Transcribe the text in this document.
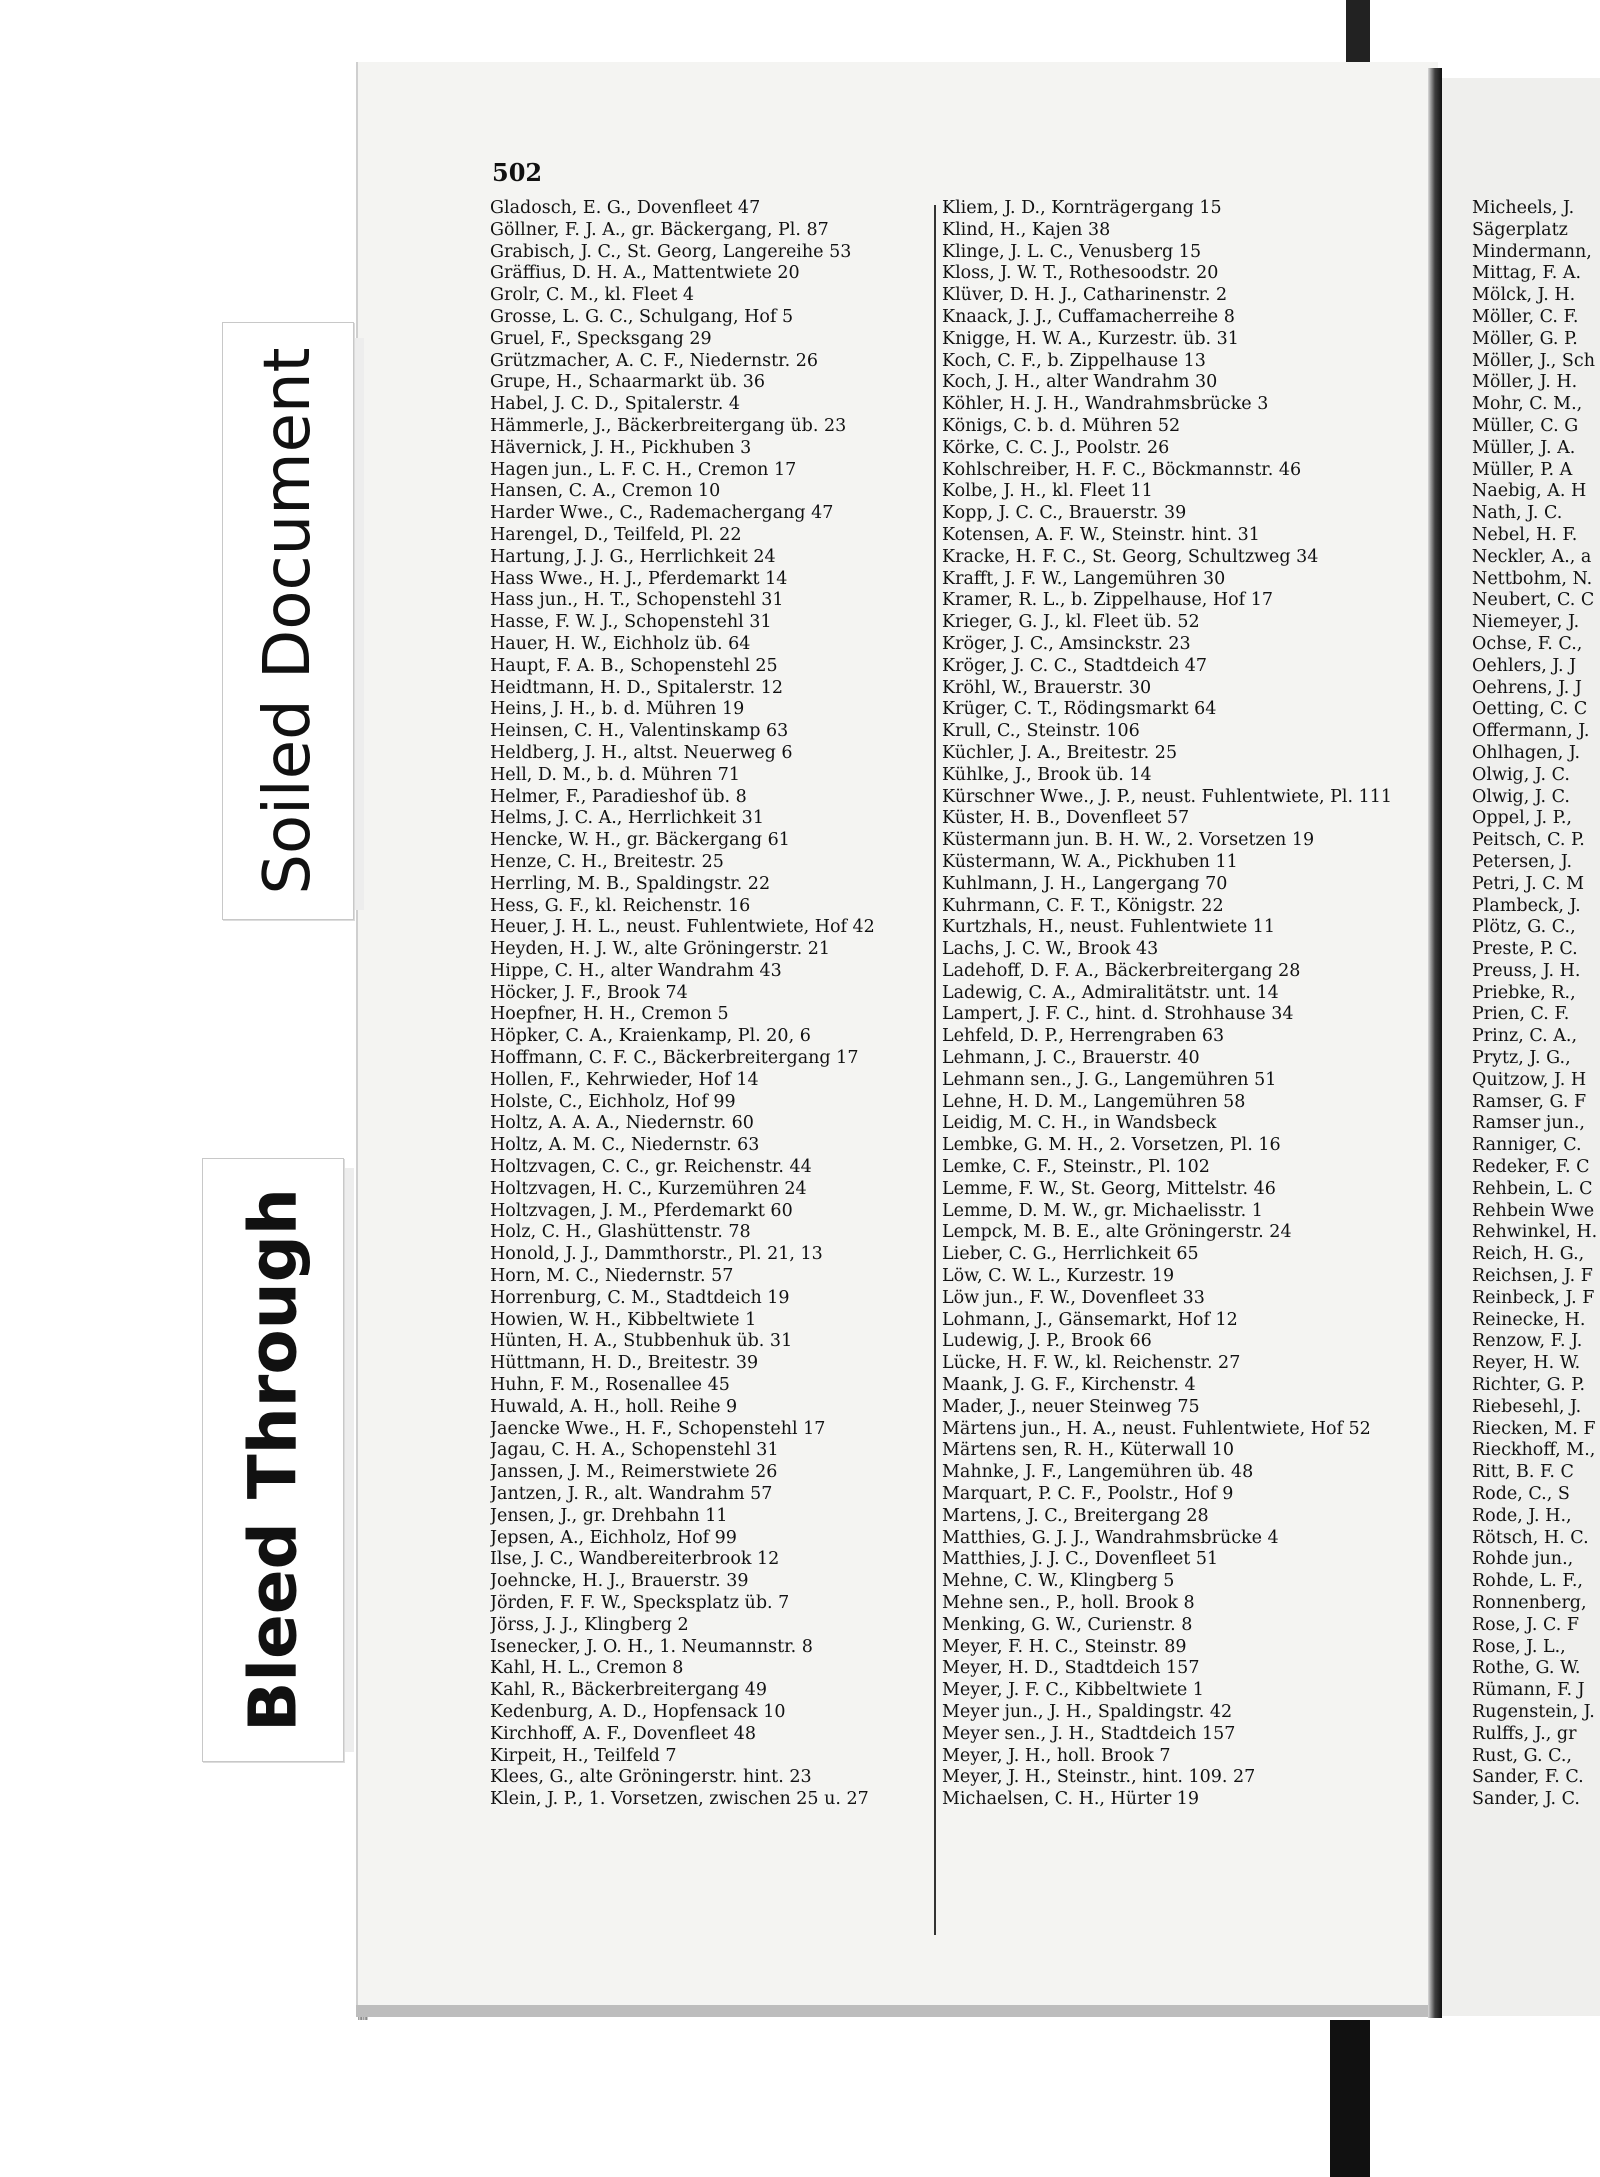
502
Gladosch, E. G., Dovenfleet 47
Göllner, F. J. A., gr. Bäckergang, Pl. 87
Grabisch, J. C., St. Georg, Langereihe 53
Gräffius, D. H. A., Mattentwiete 20
Grolr, C. M., kl. Fleet 4
Grosse, L. G. C., Schulgang, Hof 5
Gruel, F., Specksgang 29
Grützmacher, A. C. F., Niedernstr. 26
Grupe, H., Schaarmarkt üb. 36
Habel, J. C. D., Spitalerstr. 4
Hämmerle, J., Bäckerbreitergang üb. 23
Hävernick, J. H., Pickhuben 3
Hagen jun., L. F. C. H., Cremon 17
Hansen, C. A., Cremon 10
Harder Wwe., C., Rademachergang 47
Harengel, D., Teilfeld, Pl. 22
Hartung, J. J. G., Herrlichkeit 24
Hass Wwe., H. J., Pferdemarkt 14
Hass jun., H. T., Schopenstehl 31
Hasse, F. W. J., Schopenstehl 31
Hauer, H. W., Eichholz üb. 64
Haupt, F. A. B., Schopenstehl 25
Heidtmann, H. D., Spitalerstr. 12
Heins, J. H., b. d. Mühren 19
Heinsen, C. H., Valentinskamp 63
Heldberg, J. H., altst. Neuerweg 6
Hell, D. M., b. d. Mühren 71
Helmer, F., Paradieshof üb. 8
Helms, J. C. A., Herrlichkeit 31
Hencke, W. H., gr. Bäckergang 61
Henze, C. H., Breitestr. 25
Herrling, M. B., Spaldingstr. 22
Hess, G. F., kl. Reichenstr. 16
Heuer, J. H. L., neust. Fuhlentwiete, Hof 42
Heyden, H. J. W., alte Gröningerstr. 21
Hippe, C. H., alter Wandrahm 43
Höcker, J. F., Brook 74
Hoepfner, H. H., Cremon 5
Höpker, C. A., Kraienkamp, Pl. 20, 6
Hoffmann, C. F. C., Bäckerbreitergang 17
Hollen, F., Kehrwieder, Hof 14
Holste, C., Eichholz, Hof 99
Holtz, A. A. A., Niedernstr. 60
Holtz, A. M. C., Niedernstr. 63
Holtzvagen, C. C., gr. Reichenstr. 44
Holtzvagen, H. C., Kurzemühren 24
Holtzvagen, J. M., Pferdemarkt 60
Holz, C. H., Glashüttenstr. 78
Honold, J. J., Dammthorstr., Pl. 21, 13
Horn, M. C., Niedernstr. 57
Horrenburg, C. M., Stadtdeich 19
Howien, W. H., Kibbeltwiete 1
Hünten, H. A., Stubbenhuk üb. 31
Hüttmann, H. D., Breitestr. 39
Huhn, F. M., Rosenallee 45
Huwald, A. H., holl. Reihe 9
Jaencke Wwe., H. F., Schopenstehl 17
Jagau, C. H. A., Schopenstehl 31
Janssen, J. M., Reimerstwiete 26
Jantzen, J. R., alt. Wandrahm 57
Jensen, J., gr. Drehbahn 11
Jepsen, A., Eichholz, Hof 99
Ilse, J. C., Wandbereiterbrook 12
Joehncke, H. J., Brauerstr. 39
Jörden, F. F. W., Specksplatz üb. 7
Jörss, J. J., Klingberg 2
Isenecker, J. O. H., 1. Neumannstr. 8
Kahl, H. L., Cremon 8
Kahl, R., Bäckerbreitergang 49
Kedenburg, A. D., Hopfensack 10
Kirchhoff, A. F., Dovenfleet 48
Kirpeit, H., Teilfeld 7
Klees, G., alte Gröningerstr. hint. 23
Klein, J. P., 1. Vorsetzen, zwischen 25 u. 27
Kliem, J. D., Kornträgergang 15
Klind, H., Kajen 38
Klinge, J. L. C., Venusberg 15
Kloss, J. W. T., Rothesoodstr. 20
Klüver, D. H. J., Catharinenstr. 2
Knaack, J. J., Cuffamacherreihe 8
Knigge, H. W. A., Kurzestr. üb. 31
Koch, C. F., b. Zippelhause 13
Koch, J. H., alter Wandrahm 30
Köhler, H. J. H., Wandrahmsbrücke 3
Königs, C. b. d. Mühren 52
Körke, C. C. J., Poolstr. 26
Kohlschreiber, H. F. C., Böckmannstr. 46
Kolbe, J. H., kl. Fleet 11
Kopp, J. C. C., Brauerstr. 39
Kotensen, A. F. W., Steinstr. hint. 31
Kracke, H. F. C., St. Georg, Schultzweg 34
Krafft, J. F. W., Langemühren 30
Kramer, R. L., b. Zippelhause, Hof 17
Krieger, G. J., kl. Fleet üb. 52
Kröger, J. C., Amsinckstr. 23
Kröger, J. C. C., Stadtdeich 47
Kröhl, W., Brauerstr. 30
Krüger, C. T., Rödingsmarkt 64
Krull, C., Steinstr. 106
Küchler, J. A., Breitestr. 25
Kühlke, J., Brook üb. 14
Kürschner Wwe., J. P., neust. Fuhlentwiete, Pl. 111
Küster, H. B., Dovenfleet 57
Küstermann jun. B. H. W., 2. Vorsetzen 19
Küstermann, W. A., Pickhuben 11
Kuhlmann, J. H., Langergang 70
Kuhrmann, C. F. T., Königstr. 22
Kurtzhals, H., neust. Fuhlentwiete 11
Lachs, J. C. W., Brook 43
Ladehoff, D. F. A., Bäckerbreitergang 28
Ladewig, C. A., Admiralitätstr. unt. 14
Lampert, J. F. C., hint. d. Strohhause 34
Lehfeld, D. P., Herrengraben 63
Lehmann, J. C., Brauerstr. 40
Lehmann sen., J. G., Langemühren 51
Lehne, H. D. M., Langemühren 58
Leidig, M. C. H., in Wandsbeck
Lembke, G. M. H., 2. Vorsetzen, Pl. 16
Lemke, C. F., Steinstr., Pl. 102
Lemme, F. W., St. Georg, Mittelstr. 46
Lemme, D. M. W., gr. Michaelisstr. 1
Lempck, M. B. E., alte Gröningerstr. 24
Lieber, C. G., Herrlichkeit 65
Löw, C. W. L., Kurzestr. 19
Löw jun., F. W., Dovenfleet 33
Lohmann, J., Gänsemarkt, Hof 12
Ludewig, J. P., Brook 66
Lücke, H. F. W., kl. Reichenstr. 27
Maank, J. G. F., Kirchenstr. 4
Mader, J., neuer Steinweg 75
Märtens jun., H. A., neust. Fuhlentwiete, Hof 52
Märtens sen, R. H., Küterwall 10
Mahnke, J. F., Langemühren üb. 48
Marquart, P. C. F., Poolstr., Hof 9
Martens, J. C., Breitergang 28
Matthies, G. J. J., Wandrahmsbrücke 4
Matthies, J. J. C., Dovenfleet 51
Mehne, C. W., Klingberg 5
Mehne sen., P., holl. Brook 8
Menking, G. W., Curienstr. 8
Meyer, F. H. C., Steinstr. 89
Meyer, H. D., Stadtdeich 157
Meyer, J. F. C., Kibbeltwiete 1
Meyer jun., J. H., Spaldingstr. 42
Meyer sen., J. H., Stadtdeich 157
Meyer, J. H., holl. Brook 7
Meyer, J. H., Steinstr., hint. 109. 27
Michaelsen, C. H., Hürter 19
Micheels, J.
Sägerplatz
Mindermann,
Mittag, F. A.
Mölck, J. H.
Möller, C. F.
Möller, G. P.
Möller, J., Sch
Möller, J. H.
Mohr, C. M.,
Müller, C. G
Müller, J. A.
Müller, P. A
Naebig, A. H
Nath, J. C.
Nebel, H. F.
Neckler, A., a
Nettbohm, N.
Neubert, C. C
Niemeyer, J.
Ochse, F. C.,
Oehlers, J. J
Oehrens, J. J
Oetting, C. C
Offermann, J.
Ohlhagen, J.
Olwig, J. C.
Olwig, J. C.
Oppel, J. P.,
Peitsch, C. P.
Petersen, J.
Petri, J. C. M
Plambeck, J.
Plötz, G. C.,
Preste, P. C.
Preuss, J. H.
Priebke, R.,
Prien, C. F.
Prinz, C. A.,
Prytz, J. G.,
Quitzow, J. H
Ramser, G. F
Ramser jun.,
Ranniger, C.
Redeker, F. C
Rehbein, L. C
Rehbein Wwe
Rehwinkel, H.
Reich, H. G.,
Reichsen, J. F
Reinbeck, J. F
Reinecke, H.
Renzow, F. J.
Reyer, H. W.
Richter, G. P.
Riebesehl, J.
Riecken, M. F
Rieckhoff, M.,
Ritt, B. F. C
Rode, C., S
Rode, J. H.,
Rötsch, H. C.
Rohde jun.,
Rohde, L. F.,
Ronnenberg,
Rose, J. C. F
Rose, J. L.,
Rothe, G. W.
Rümann, F. J
Rugenstein, J.
Rulffs, J., gr
Rust, G. C.,
Sander, F. C.
Sander, J. C.
Soiled Document
Bleed Through
